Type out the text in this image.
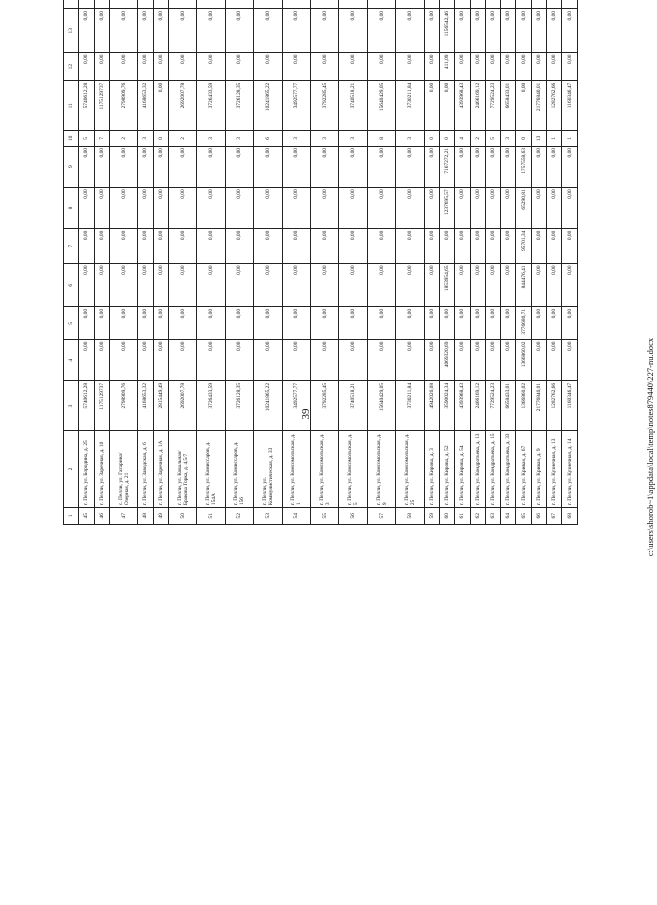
39	c:\users\shorob~1\appdata\local\temp\notes879440\227-nu.docx
1	2	3	4	5	6	7	8	9	10	11	12	13										
45	г. Пелли, ул. Бородина, д. 25	5740612,28	0,00	0,00	0,00	0,00	0,00	0,00	5	5740612,28	0,00	0,00										
46	г. Пелли, ул. Заречная, д. 10	1175129737	0,00	0,00	0,00	0,00	0,00	0,00	7	1175129737	0,00	0,00										
47	с. Пелли, ул. Гагарина/ Озерная, д. 21	2798909,76	0,00	0,00	0,00	0,00	0,00	0,00	2	2798909,76	0,00	0,00										
48	г. Пелли, ул. Заводская, д. 6	4168653,32	0,00	0,00	0,00	0,00	0,00	0,00	3	4168653,32	0,00	0,00										
49	г. Пелли, ул. Заречная, д. 1А	2815449,49	0,00	0,00	0,00	0,00	0,00	0,00	0	0,00	0,00	0,00										
50	г. Пелли, ул. Ковальная/ Бракова Горка, д. 4,5/7	2692007,78	0,00	0,00	0,00	0,00	0,00	0,00	2	2692007,78	0,00	0,00										
51	г. Пелли, ул. Комиссаров, д. 154А	3726433,59	0,00	0,00	0,00	0,00	0,00	0,00	3	3726433,59	0,00	0,00										
52	г. Пелли, ул. Комиссаров, д. 156	3726128,35	0,00	0,00	0,00	0,00	0,00	0,00	3	3726128,35	0,00	0,00										
53	г. Пелли, ул. Коммунистическая, д. 33	10241865,22	0,00	0,00	0,00	0,00	0,00	0,00	6	10241865,22	0,00	0,00										
54	г. Пелли, ул. Комсомольская, д. 1	3492577,77	0,00	0,00	0,00	0,00	0,00	0,00	3	3492577,77	0,00	0,00										
55	г. Пелли, ул. Комсомольская, д. 3	3792285,45	0,00	0,00	0,00	0,00	0,00	0,00	3	3792285,45	0,00	0,00										
56	г. Пелли, ул. Комсомольская, д. 5	3740518,21	0,00	0,00	0,00	0,00	0,00	0,00	3	3740518,21	0,00	0,00										
57	г. Пелли, ул. Комсомольская, д. 9	15640429,05	0,00	0,00	0,00	0,00	0,00	0,00	8	15640429,05	0,00	0,00										
58	г. Пелли, ул. Комсомольская, д. 25	3730211,84	0,00	0,00	0,00	0,00	0,00	0,00	3	3730211,84	0,00	0,00										
59	г. Пелли, ул. Кирова, д. 3	4942020,08	0,00	0,00	0,00	0,00	0,00	0,00	0	0,00	0,00	0,00										
60	г. Пелли, ул. Кирова, д. 52	3590024,34	4069320,69	0,00	1853954,65	0,00	1237695,57	7167272,21	0	0,00	411,09	1156542,46										
61	г. Пелли, ул. Кирова, д. 54	4393968,43	0,00	0,00	0,00	0,00	0,00	0,00	4	4393968,43	0,00	0,00										
62	г. Пелли, ул. Кондратьева, д. 13	2466169,12	0,00	0,00	0,00	0,00	0,00	0,00	2	2466169,12	0,00	0,00										
63	г. Пелли, ул. Кондратьева, д. 15	7729524,23	0,00	0,00	0,00	0,00	0,00	0,00	5	7729524,23	0,00	0,00										
64	г. Пелли, ул. Кондратьева, д. 33	6658433,01	0,00	0,00	0,00	0,00	0,00	0,00	3	6658433,01	0,00	0,00										
65	г. Пелли, ул. Кривая, д. 67	1366860,02	1366860,02	3776680,71	844476,41	95701,34	65290,81	1757558,63	0	0,00	0,00	0,00										
66	г. Пелли, ул. Кривая, д. 9	21776840,01	0,00	0,00	0,00	0,00	0,00	0,00	13	21776840,01	0,00	0,00										
67	г. Пелли, ул. Кузнечная, д. 13	1282762,66	0,00	0,00	0,00	0,00	0,00	0,00	1	1282762,66	0,00	0,00										
68	г. Пелли, ул. Кузнечная, д. 14	1160346,47	0,00	0,00	0,00	0,00	0,00	0,00	1	1160346,47	0,00	0,00										
